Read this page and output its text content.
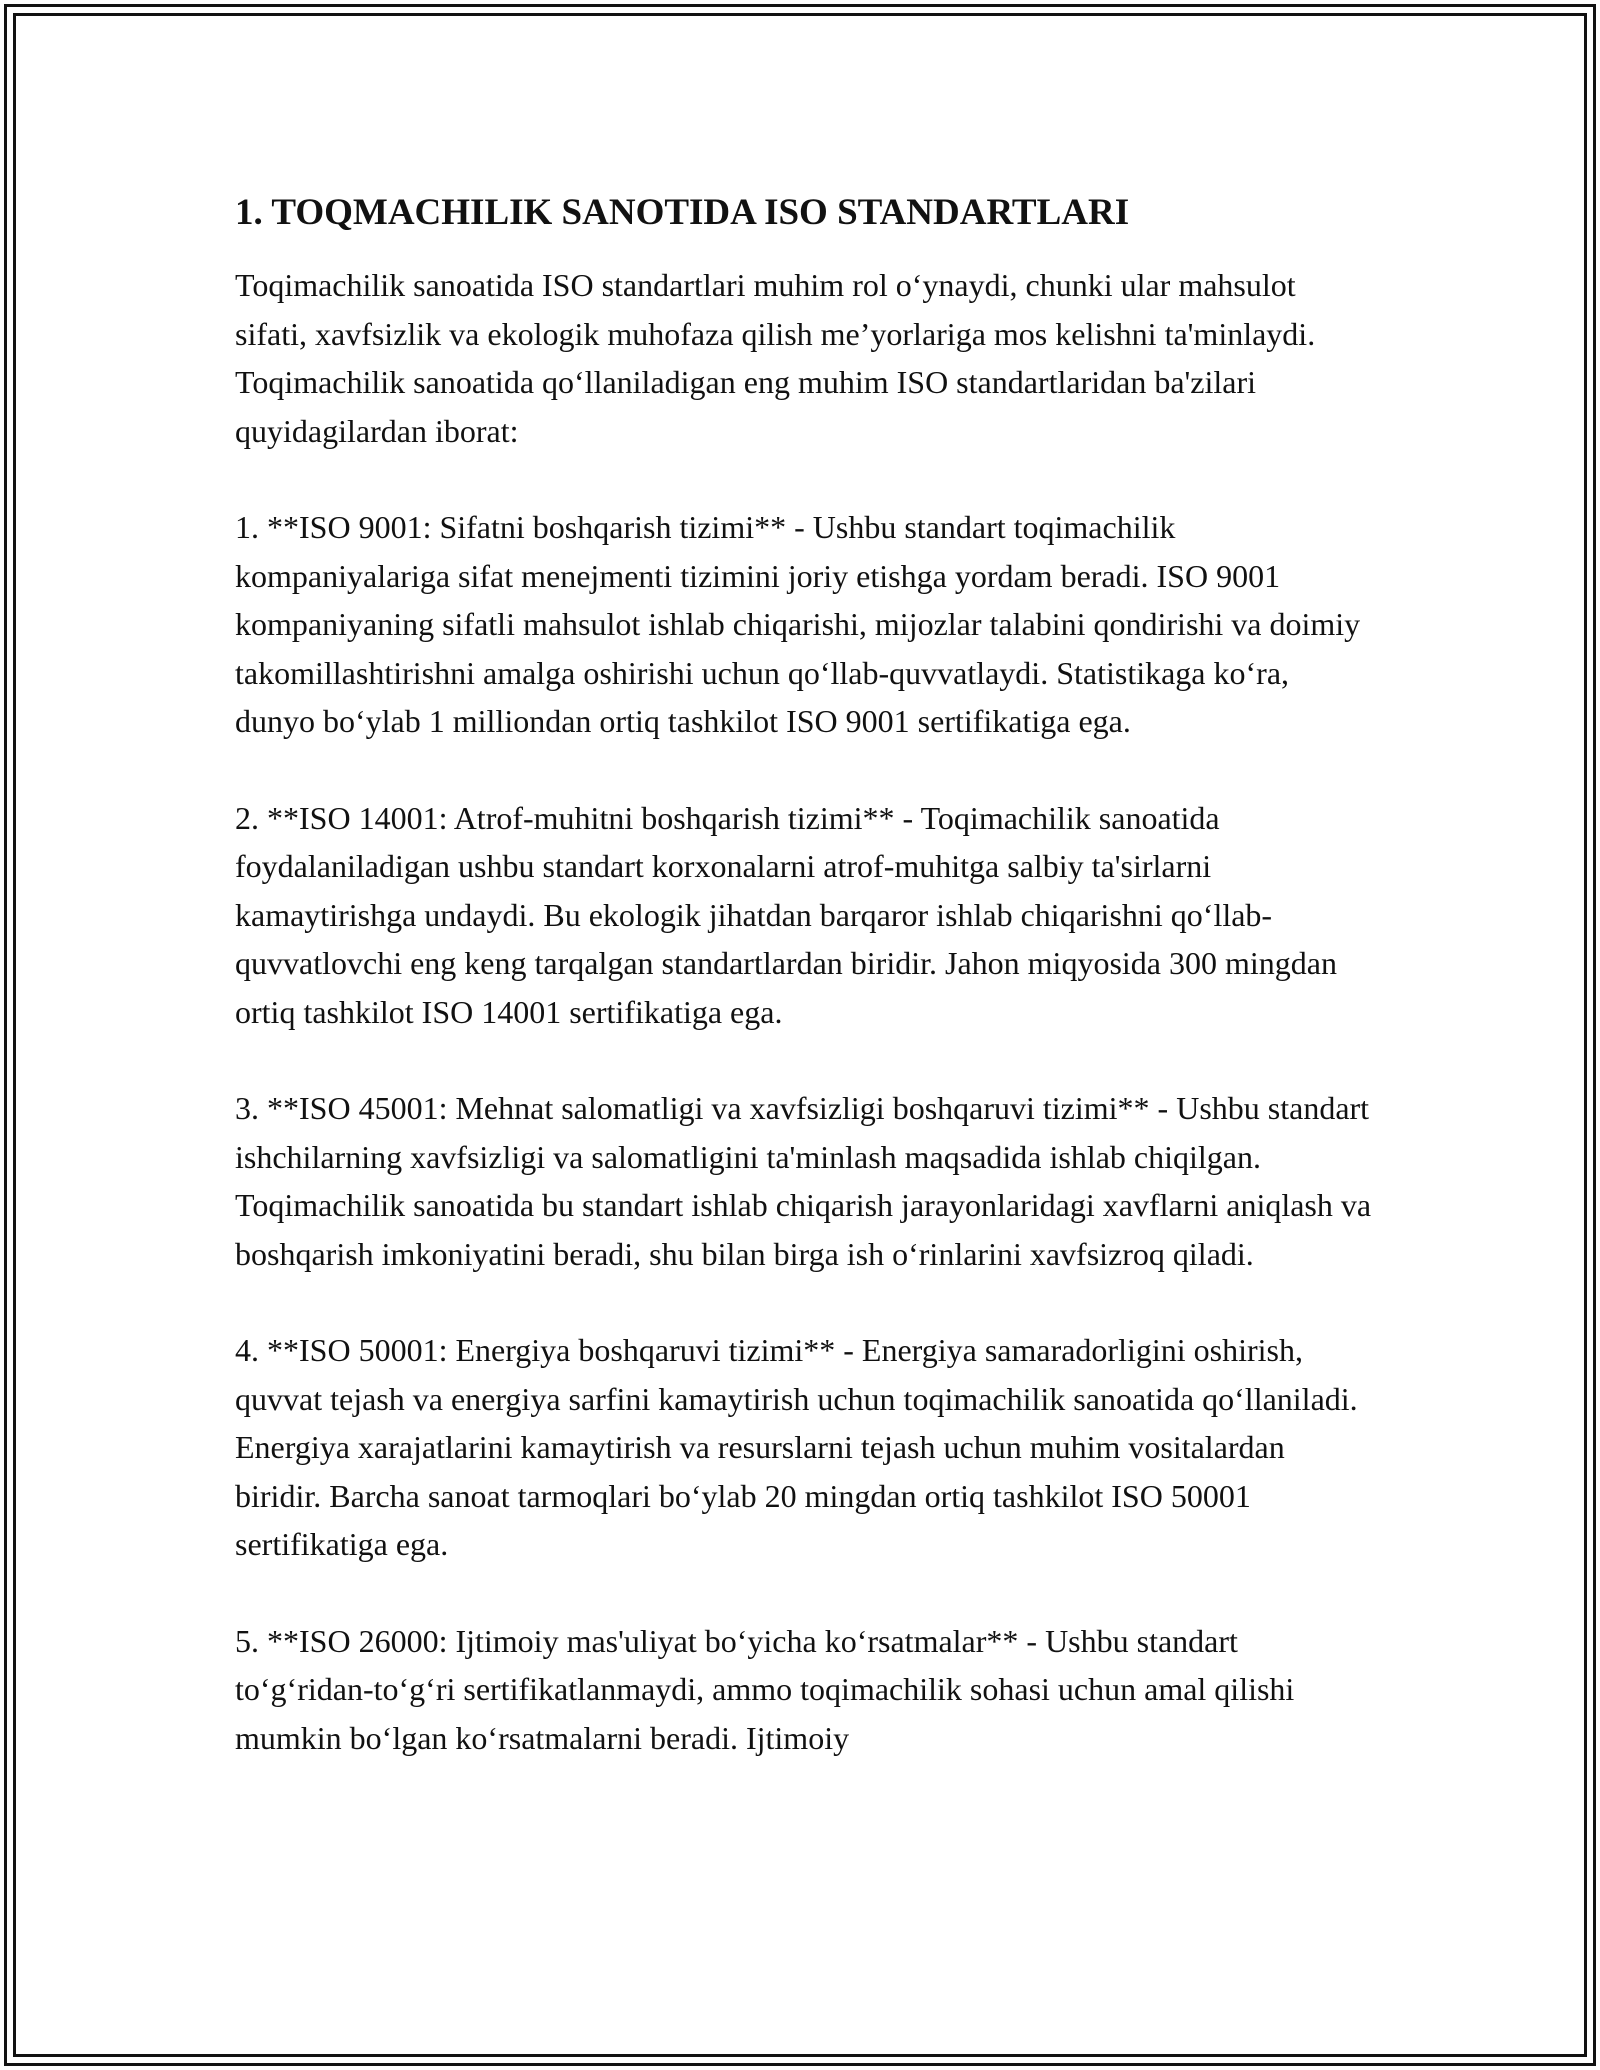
1. TOQMACHILIK SANOTIDA ISO STANDARTLARI

Toqimachilik sanoatida ISO standartlari muhim rol o‘ynaydi, chunki ular mahsulot sifati, xavfsizlik va ekologik muhofaza qilish me’yorlariga mos kelishni ta'minlaydi. Toqimachilik sanoatida qo‘llaniladigan eng muhim ISO standartlaridan ba'zilari quyidagilardan iborat:

1. **ISO 9001: Sifatni boshqarish tizimi** - Ushbu standart toqimachilik kompaniyalariga sifat menejmenti tizimini joriy etishga yordam beradi. ISO 9001 kompaniyaning sifatli mahsulot ishlab chiqarishi, mijozlar talabini qondirishi va doimiy takomillashtirishni amalga oshirishi uchun qo‘llab-quvvatlaydi. Statistikaga ko‘ra, dunyo bo‘ylab 1 milliondan ortiq tashkilot ISO 9001 sertifikatiga ega.

2. **ISO 14001: Atrof-muhitni boshqarish tizimi** - Toqimachilik sanoatida foydalaniladigan ushbu standart korxonalarni atrof-muhitga salbiy ta'sirlarni kamaytirishga undaydi. Bu ekologik jihatdan barqaror ishlab chiqarishni qo‘llab-quvvatlovchi eng keng tarqalgan standartlardan biridir. Jahon miqyosida 300 mingdan ortiq tashkilot ISO 14001 sertifikatiga ega.

3. **ISO 45001: Mehnat salomatligi va xavfsizligi boshqaruvi tizimi** - Ushbu standart ishchilarning xavfsizligi va salomatligini ta'minlash maqsadida ishlab chiqilgan. Toqimachilik sanoatida bu standart ishlab chiqarish jarayonlaridagi xavflarni aniqlash va boshqarish imkoniyatini beradi, shu bilan birga ish o‘rinlarini xavfsizroq qiladi.

4. **ISO 50001: Energiya boshqaruvi tizimi** - Energiya samaradorligini oshirish, quvvat tejash va energiya sarfini kamaytirish uchun toqimachilik sanoatida qo‘llaniladi. Energiya xarajatlarini kamaytirish va resurslarni tejash uchun muhim vositalardan biridir. Barcha sanoat tarmoqlari bo‘ylab 20 mingdan ortiq tashkilot ISO 50001 sertifikatiga ega.

5. **ISO 26000: Ijtimoiy mas'uliyat bo‘yicha ko‘rsatmalar** - Ushbu standart to‘g‘ridan-to‘g‘ri sertifikatlanmaydi, ammo toqimachilik sohasi uchun amal qilishi mumkin bo‘lgan ko‘rsatmalarni beradi. Ijtimoiy
